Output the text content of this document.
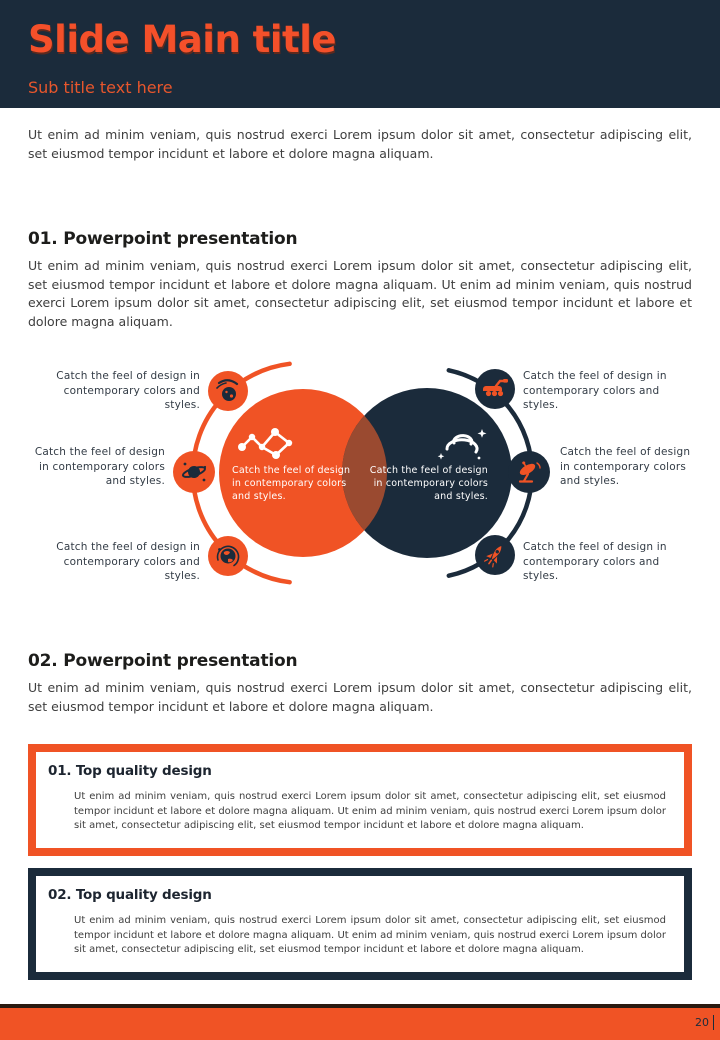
Slide Main title
Sub title text here
Ut enim ad minim veniam, quis nostrud exerci Lorem ipsum dolor sit amet, consectetur adipiscing elit, set eiusmod tempor incidunt et labore et dolore magna aliquam.
01. Powerpoint presentation
Ut enim ad minim veniam, quis nostrud exerci Lorem ipsum dolor sit amet, consectetur adipiscing elit, set eiusmod tempor incidunt et labore et dolore magna aliquam. Ut enim ad minim veniam, quis nostrud exerci Lorem ipsum dolor sit amet, consectetur adipiscing elit, set eiusmod tempor incidunt et labore et dolore magna aliquam.
Catch the feel of design in contemporary colors and styles.
Catch the feel of design in contemporary colors and styles.
Catch the feel of design in contemporary colors and styles.
Catch the feel of design in contemporary colors and styles.
Catch the feel of design in contemporary colors and styles.
Catch the feel of design in contemporary colors and styles.
Catch the feel of design in contemporary colors and styles.
Catch the feel of design in contemporary colors and styles.
02. Powerpoint presentation
Ut enim ad minim veniam, quis nostrud exerci Lorem ipsum dolor sit amet, consectetur adipiscing elit, set eiusmod tempor incidunt et labore et dolore magna aliquam.
01. Top quality design
Ut enim ad minim veniam, quis nostrud exerci Lorem ipsum dolor sit amet, consectetur adipiscing elit, set eiusmod tempor incidunt et labore et dolore magna aliquam. Ut enim ad minim veniam, quis nostrud exerci Lorem ipsum dolor sit amet, consectetur adipiscing elit, set eiusmod tempor incidunt et labore et dolore magna aliquam.
02. Top quality design
Ut enim ad minim veniam, quis nostrud exerci Lorem ipsum dolor sit amet, consectetur adipiscing elit, set eiusmod tempor incidunt et labore et dolore magna aliquam. Ut enim ad minim veniam, quis nostrud exerci Lorem ipsum dolor sit amet, consectetur adipiscing elit, set eiusmod tempor incidunt et labore et dolore magna aliquam.
20
